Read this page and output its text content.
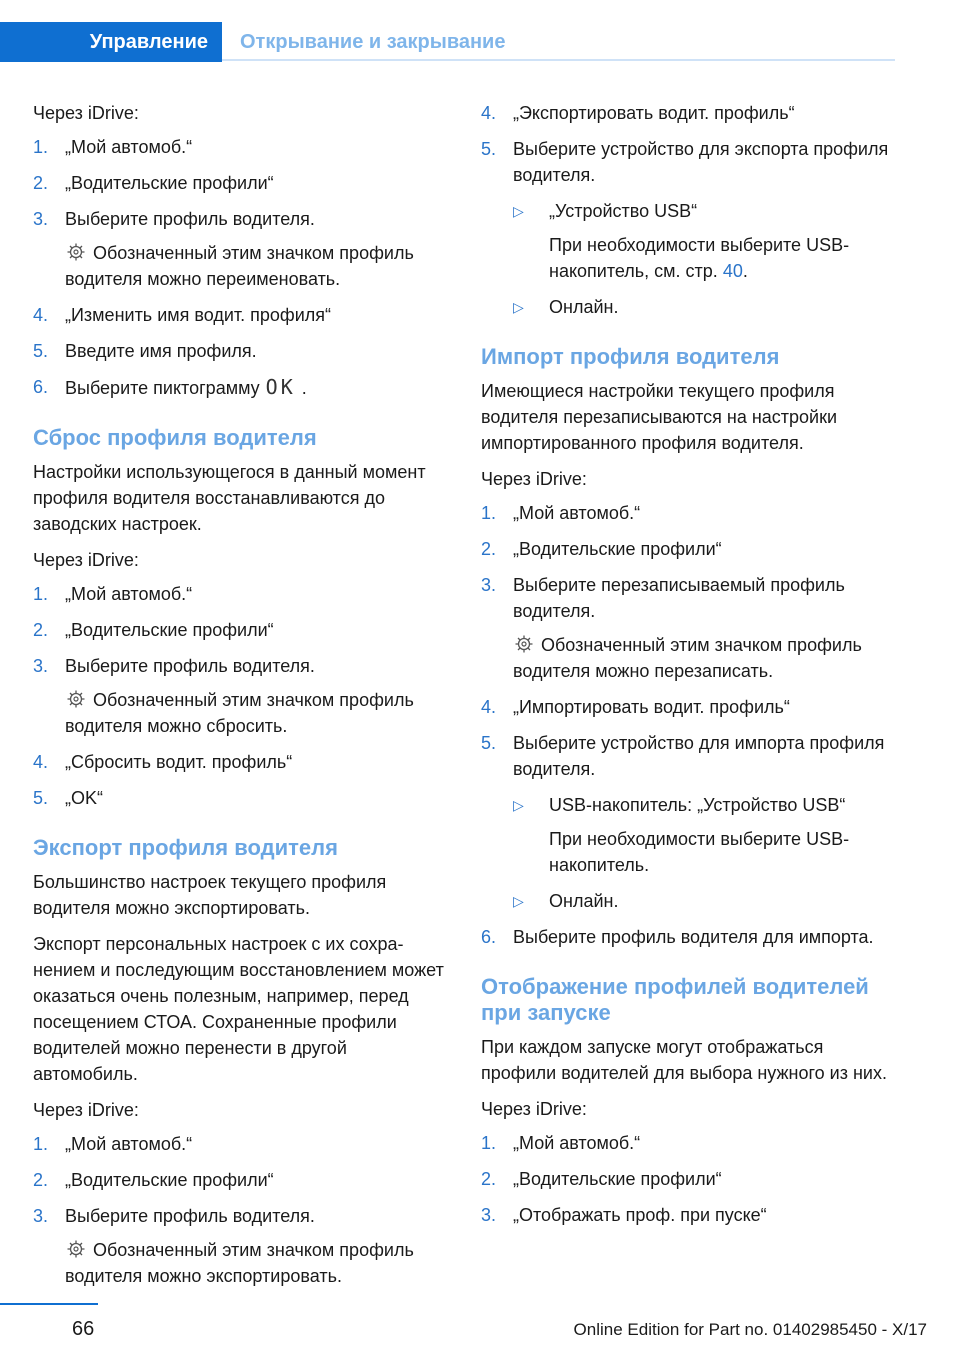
Управление	Открывание и закрывание

Через iDrive:

1. „Мой автомоб.“
2. „Водительские профили“
3. Выберите профиль водителя.
Обозначенный этим значком профиль водителя можно переименовать.
4. „Изменить имя водит. профиля“
5. Введите имя профиля.
6. Выберите пиктограмму OK .
Сброс профиля водителя

Настройки использующегося в данный момент профиля водителя восстанавливаются до заводских настроек.

Через iDrive:

1. „Мой автомоб.“
2. „Водительские профили“
3. Выберите профиль водителя.
Обозначенный этим значком профиль водителя можно сбросить.
4. „Сбросить водит. профиль“
5. „OK“
Экспорт профиля водителя

Большинство настроек текущего профиля водителя можно экспортировать.

Экспорт персональных настроек с их сохранением и последующим восстановлением может оказаться очень полезным, например, перед посещением СТОА. Сохраненные профили водителей можно перенести в другой автомобиль.

Через iDrive:

1. „Мой автомоб.“
2. „Водительские профили“
3. Выберите профиль водителя.
Обозначенный этим значком профиль водителя можно экспортировать.
4. „Экспортировать водит. профиль“
5. Выберите устройство для экспорта профиля водителя.
▷ „Устройство USB“
При необходимости выберите USB-накопитель, см. стр. 40.
▷ Онлайн.
Импорт профиля водителя

Имеющиеся настройки текущего профиля водителя перезаписываются на настройки импортированного профиля водителя.

Через iDrive:

1. „Мой автомоб.“
2. „Водительские профили“
3. Выберите перезаписываемый профиль водителя.
Обозначенный этим значком профиль водителя можно перезаписать.
4. „Импортировать водит. профиль“
5. Выберите устройство для импорта профиля водителя.
▷ USB-накопитель: „Устройство USB“
При необходимости выберите USB-накопитель.
▷ Онлайн.
6. Выберите профиль водителя для импорта.
Отображение профилей водителей при запуске

При каждом запуске могут отображаться профили водителей для выбора нужного из них.

Через iDrive:

1. „Мой автомоб.“
2. „Водительские профили“
3. „Отображать проф. при пуске“
66	Online Edition for Part no. 01402985450 - X/17
